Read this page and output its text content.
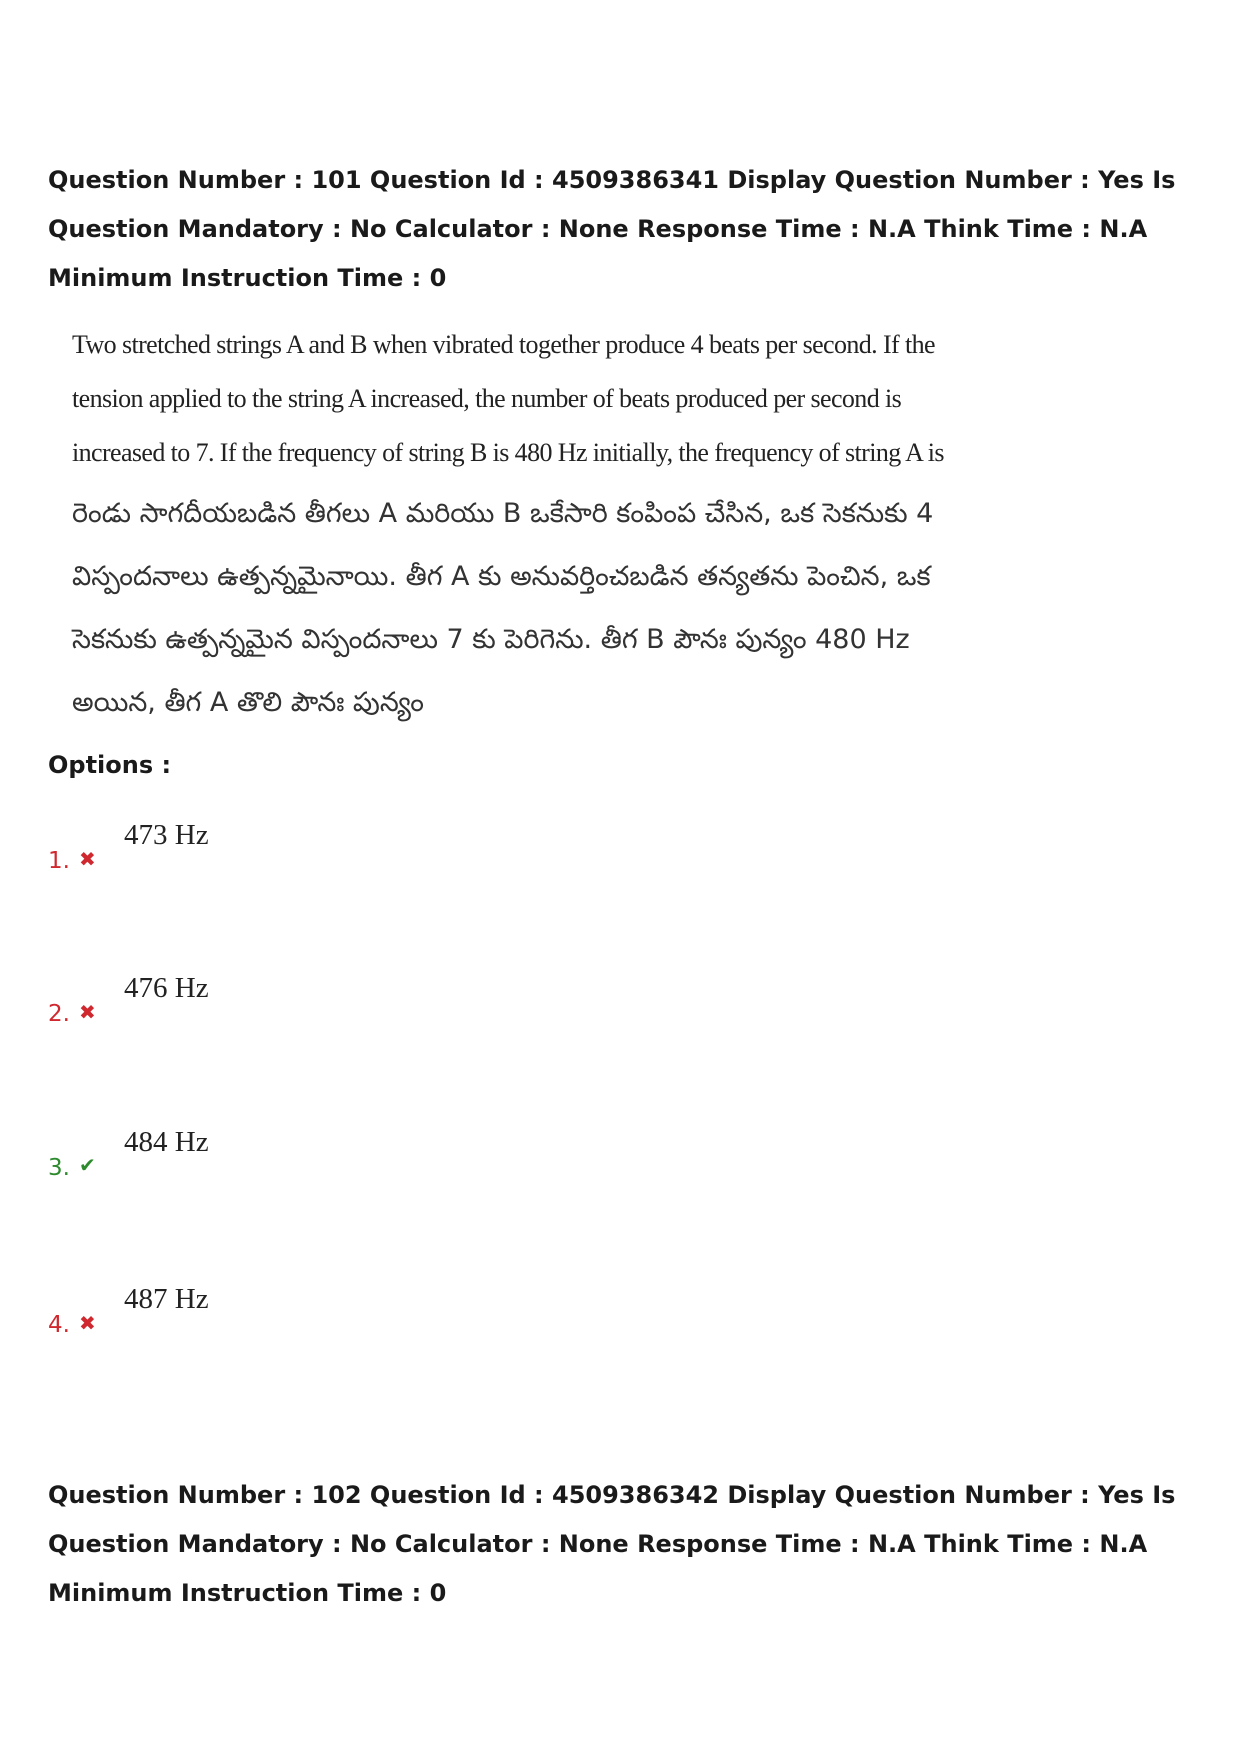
Question Number : 101 Question Id : 4509386341 Display Question Number : Yes Is Question Mandatory : No Calculator : None Response Time : N.A Think Time : N.A Minimum Instruction Time : 0

Two stretched strings A and B when vibrated together produce 4 beats per second. If the tension applied to the string A increased, the number of beats produced per second is increased to 7. If the frequency of string B is 480 Hz initially, the frequency of string A is

రెండు సాగదీయబడిన తీగలు A మరియు B ఒకేసారి కంపింప చేసిన, ఒక సెకనుకు 4 విస్పందనాలు ఉత్పన్నమైనాయి. తీగ A కు అనువర్తించబడిన తన్యతను పెంచిన, ఒక సెకనుకు ఉత్పన్నమైన విస్పందనాలు 7 కు పెరిగెను. తీగ B పౌనః పున్యం 480 Hz అయిన, తీగ A తొలి పౌనః పున్యం

Options :
1. ✖
473 Hz
2. ✖
476 Hz
3. ✔
484 Hz
4. ✖
487 Hz
Question Number : 102 Question Id : 4509386342 Display Question Number : Yes Is Question Mandatory : No Calculator : None Response Time : N.A Think Time : N.A Minimum Instruction Time : 0
